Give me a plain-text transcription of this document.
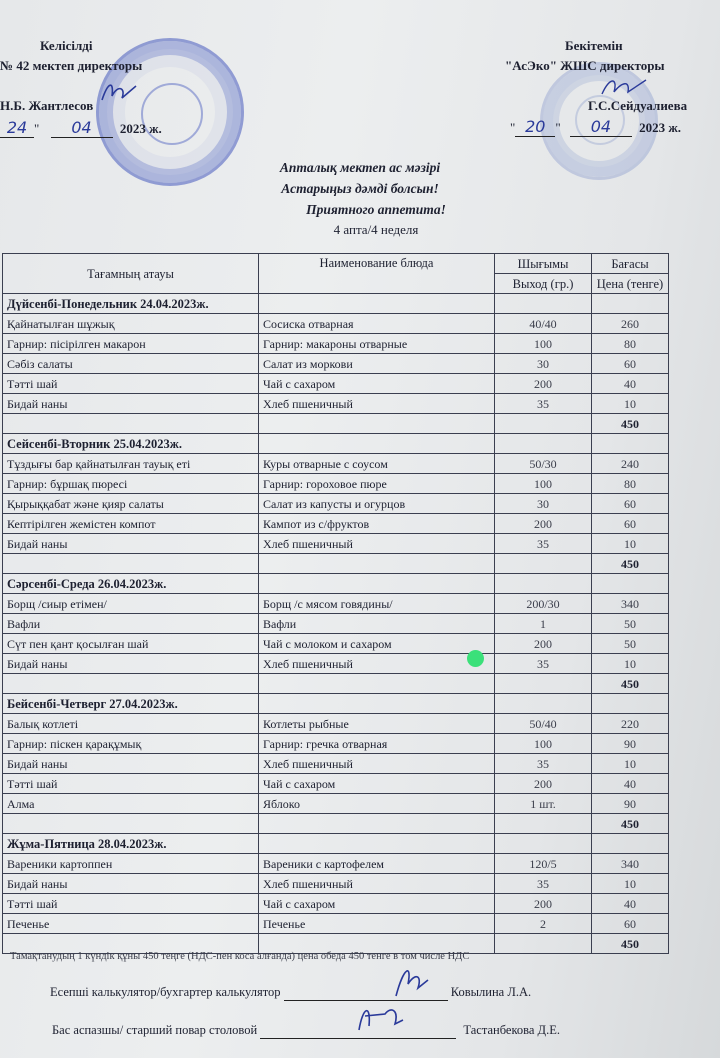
Келісілді
№ 42 мектеп директоры
Н.Б. Жантлесов
24 " 04 2023 ж.
Бекітемін
"АсЭко" ЖШС директоры
Г.С.Сейдуалиева
" 20 " 04 2023 ж.
Апталық мектеп ас мәзірі
Астарыңыз дәмді болсын!
Приятного аппетита!
4 апта/4 неделя
Тағамның атауы	Наименование блюда	Шығымы	Бағасы
		Выход (гр.)	Цена (тенге)
Дүйсенбі-Понедельник 24.04.2023ж.			
Қайнатылған шұжық	Сосиска отварная	40/40	260
Гарнир: пісірілген макарон	Гарнир: макароны отварные	100	80
Сәбіз салаты	Салат из моркови	30	60
Тәтті шай	Чай с сахаром	200	40
Бидай наны	Хлеб пшеничный	35	10
			450
Сейсенбі-Вторник 25.04.2023ж.			
Тұздығы бар қайнатылған тауық еті	Куры отварные с соусом	50/30	240
Гарнир: бұршақ пюресі	Гарнир: гороховое пюре	100	80
Қырыққабат және қияр салаты	Салат из капусты и огурцов	30	60
Кептірілген жемістен компот	Кампот из с/фруктов	200	60
Бидай наны	Хлеб пшеничный	35	10
			450
Сәрсенбі-Среда 26.04.2023ж.			
Борщ /сиыр етімен/	Борщ /с мясом говядины/	200/30	340
Вафли	Вафли	1	50
Сүт пен қант қосылған шай	Чай с молоком и сахаром	200	50
Бидай наны	Хлеб пшеничный	35	10
			450
Бейсенбі-Четверг 27.04.2023ж.			
Балық котлеті	Котлеты рыбные	50/40	220
Гарнир: піскен қарақұмық	Гарнир: гречка отварная	100	90
Бидай наны	Хлеб пшеничный	35	10
Тәтті шай	Чай с сахаром	200	40
Алма	Яблоко	1 шт.	90
			450
Жұма-Пятница 28.04.2023ж.			
Вареники картоппен	Вареники с картофелем	120/5	340
Бидай наны	Хлеб пшеничный	35	10
Тәтті шай	Чай с сахаром	200	40
Печенье	Печенье	2	60
			450
Тамақтанудың 1 күндік құны 450 теңге (НДС-пен коса алғанда) цена обеда 450 тенге в том числе НДС
Есепші калькулятор/бухгартер калькулятор	Ковылина Л.А.
Бас аспазшы/ старший повар столовой	Тастанбекова Д.Е.
